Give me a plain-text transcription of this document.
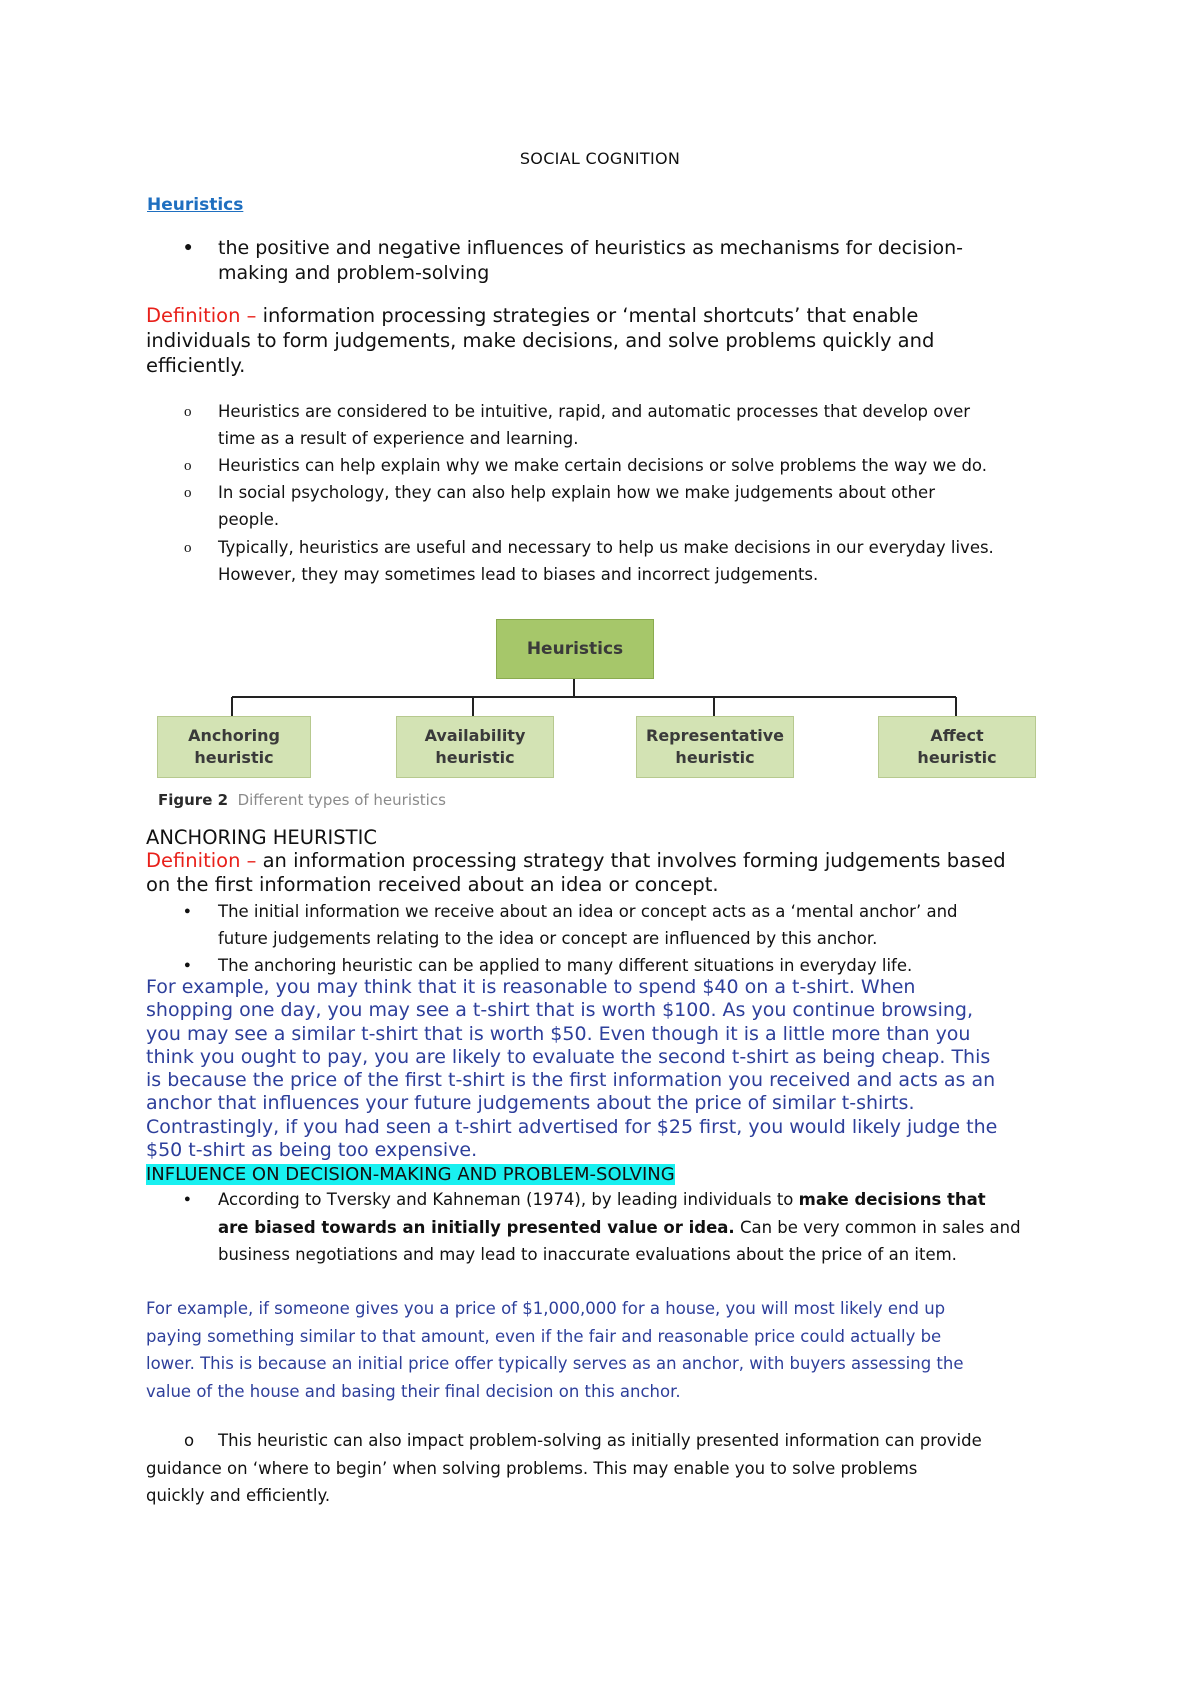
SOCIAL COGNITION

Heuristics

● the positive and negative influences of heuristics as mechanisms for decision-
making and problem-solving
Definition – information processing strategies or ‘mental shortcuts’ that enable
individuals to form judgements, make decisions, and solve problems quickly and
efficiently.
o Heuristics are considered to be intuitive, rapid, and automatic processes that develop over
time as a result of experience and learning.
o Heuristics can help explain why we make certain decisions or solve problems the way we do.
o In social psychology, they can also help explain how we make judgements about other
people.
o Typically, heuristics are useful and necessary to help us make decisions in our everyday lives.
However, they may sometimes lead to biases and incorrect judgements.
Heuristics
Anchoring
heuristic
Availability
heuristic
Representative
heuristic
Affect
heuristic
Figure 2 Different types of heuristics

ANCHORING HEURISTIC

Definition – an information processing strategy that involves forming judgements based
on the first information received about an idea or concept.
● The initial information we receive about an idea or concept acts as a ‘mental anchor’ and
future judgements relating to the idea or concept are influenced by this anchor.
● The anchoring heuristic can be applied to many different situations in everyday life.
For example, you may think that it is reasonable to spend $40 on a t-shirt. When
shopping one day, you may see a t-shirt that is worth $100. As you continue browsing,
you may see a similar t-shirt that is worth $50. Even though it is a little more than you
think you ought to pay, you are likely to evaluate the second t-shirt as being cheap. This
is because the price of the first t-shirt is the first information you received and acts as an
anchor that influences your future judgements about the price of similar t-shirts.
Contrastingly, if you had seen a t-shirt advertised for $25 first, you would likely judge the
$50 t-shirt as being too expensive.

INFLUENCE ON DECISION-MAKING AND PROBLEM-SOLVING

● According to Tversky and Kahneman (1974), by leading individuals to make decisions that
are biased towards an initially presented value or idea. Can be very common in sales and
business negotiations and may lead to inaccurate evaluations about the price of an item.
For example, if someone gives you a price of $1,000,000 for a house, you will most likely end up
paying something similar to that amount, even if the fair and reasonable price could actually be
lower. This is because an initial price offer typically serves as an anchor, with buyers assessing the
value of the house and basing their final decision on this anchor.
o	This heuristic can also impact problem-solving as initially presented information can provide
guidance on ‘where to begin’ when solving problems. This may enable you to solve problems
quickly and efficiently.
